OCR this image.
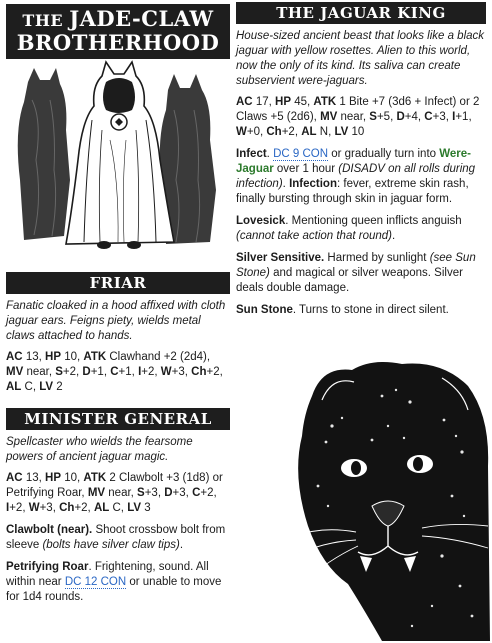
THE JADE-CLAW
BROTHERHOOD
FRIAR
Fanatic cloaked in a hood affixed with cloth jaguar ears. Feigns piety, wields metal claws attached to hands.
AC 13, HP 10, ATK Clawhand +2 (2d4), MV near, S+2, D+1, C+1, I+2, W+3, Ch+2, AL C, LV 2
MINISTER GENERAL
Spellcaster who wields the fearsome powers of ancient jaguar magic.
AC 13, HP 10, ATK 2 Clawbolt +3 (1d8) or Petrifying Roar, MV near, S+3, D+3, C+2, I+2, W+3, Ch+2, AL C, LV 3
Clawbolt (near). Shoot crossbow bolt from sleeve (bolts have silver claw tips).
Petrifying Roar. Frightening, sound. All within near DC 12 CON or unable to move for 1d4 rounds.
THE JAGUAR KING
House-sized ancient beast that looks like a black jaguar with yellow rosettes. Alien to this world, now the only of its kind. Its saliva can create subservient were-jaguars.
AC 17, HP 45, ATK 1 Bite +7 (3d6 + Infect) or 2 Claws +5 (2d6), MV near, S+5, D+4, C+3, I+1, W+0, Ch+2, AL N, LV 10
Infect. DC 9 CON or gradually turn into Were-Jaguar over 1 hour (DISADV on all rolls during infection). Infection: fever, extreme skin rash, finally bursting through skin in jaguar form.
Lovesick. Mentioning queen inflicts anguish (cannot take action that round).
Silver Sensitive. Harmed by sunlight (see Sun Stone) and magical or silver weapons. Silver deals double damage.
Sun Stone. Turns to stone in direct silent.
